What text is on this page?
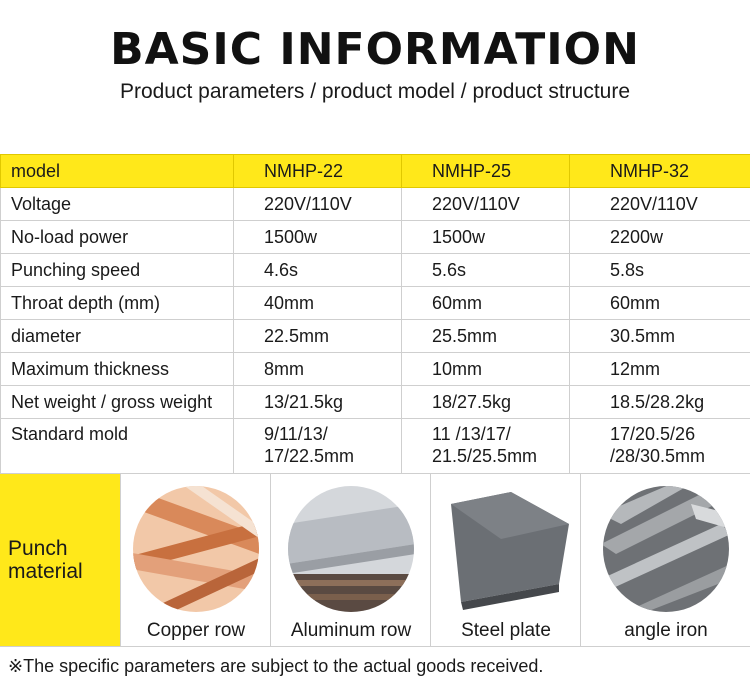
BASIC INFORMATION
Product parameters / product model / product structure
model	NMHP-22	NMHP-25	NMHP-32
Voltage	220V/110V	220V/110V	220V/110V
No-load power	1500w	1500w	2200w
Punching speed	4.6s	5.6s	5.8s
Throat depth (mm)	40mm	60mm	60mm
diameter	22.5mm	25.5mm	30.5mm
Maximum thickness	8mm	10mm	12mm
Net weight / gross weight	13/21.5kg	18/27.5kg	18.5/28.2kg
Standard mold	9/11/13/ 17/22.5mm	11 /13/17/ 21.5/25.5mm	17/20.5/26 /28/30.5mm
Punch material
Copper row	Aluminum row	Steel plate	angle iron
※The specific parameters are subject to the actual goods received.
